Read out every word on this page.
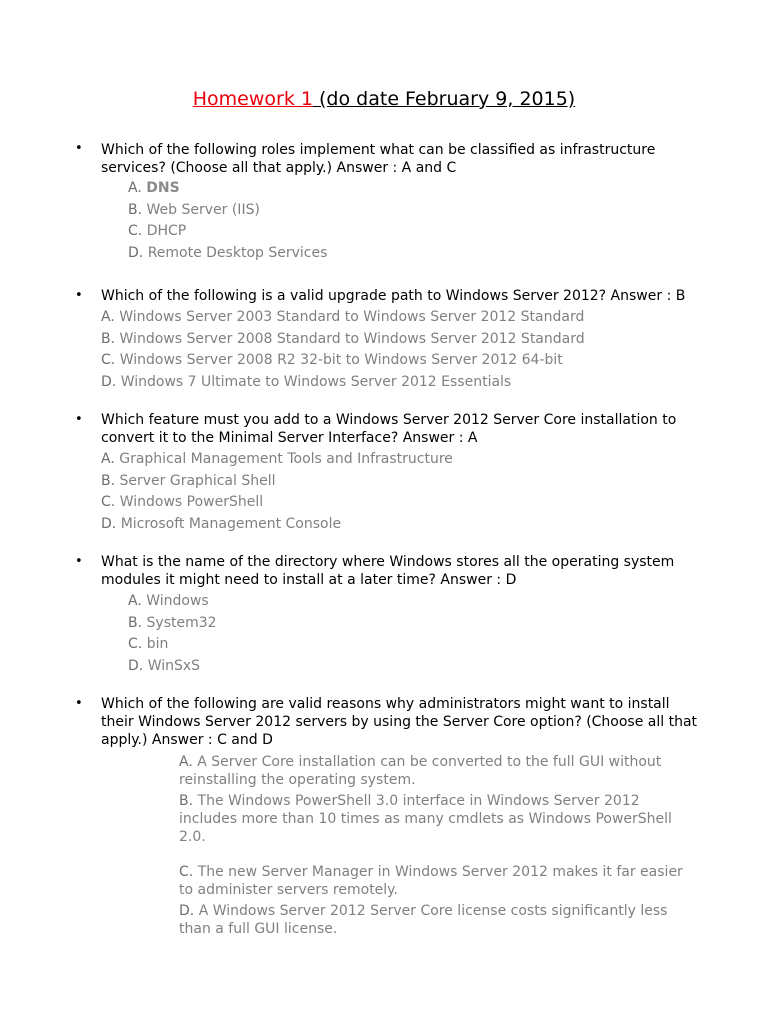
Homework 1 (do date February 9, 2015)
• Which of the following roles implement what can be classified as infrastructure services? (Choose all that apply.) Answer : A and C
A. DNS
B. Web Server (IIS)
C. DHCP
D. Remote Desktop Services
• Which of the following is a valid upgrade path to Windows Server 2012? Answer : B
A. Windows Server 2003 Standard to Windows Server 2012 Standard
B. Windows Server 2008 Standard to Windows Server 2012 Standard
C. Windows Server 2008 R2 32-bit to Windows Server 2012 64-bit
D. Windows 7 Ultimate to Windows Server 2012 Essentials
• Which feature must you add to a Windows Server 2012 Server Core installation to convert it to the Minimal Server Interface? Answer : A
A. Graphical Management Tools and Infrastructure
B. Server Graphical Shell
C. Windows PowerShell
D. Microsoft Management Console
• What is the name of the directory where Windows stores all the operating system modules it might need to install at a later time? Answer : D
A. Windows
B. System32
C. bin
D. WinSxS
• Which of the following are valid reasons why administrators might want to install their Windows Server 2012 servers by using the Server Core option? (Choose all that apply.) Answer : C and D
A. A Server Core installation can be converted to the full GUI without reinstalling the operating system.
B. The Windows PowerShell 3.0 interface in Windows Server 2012 includes more than 10 times as many cmdlets as Windows PowerShell 2.0.
C. The new Server Manager in Windows Server 2012 makes it far easier to administer servers remotely.
D. A Windows Server 2012 Server Core license costs significantly less than a full GUI license.
